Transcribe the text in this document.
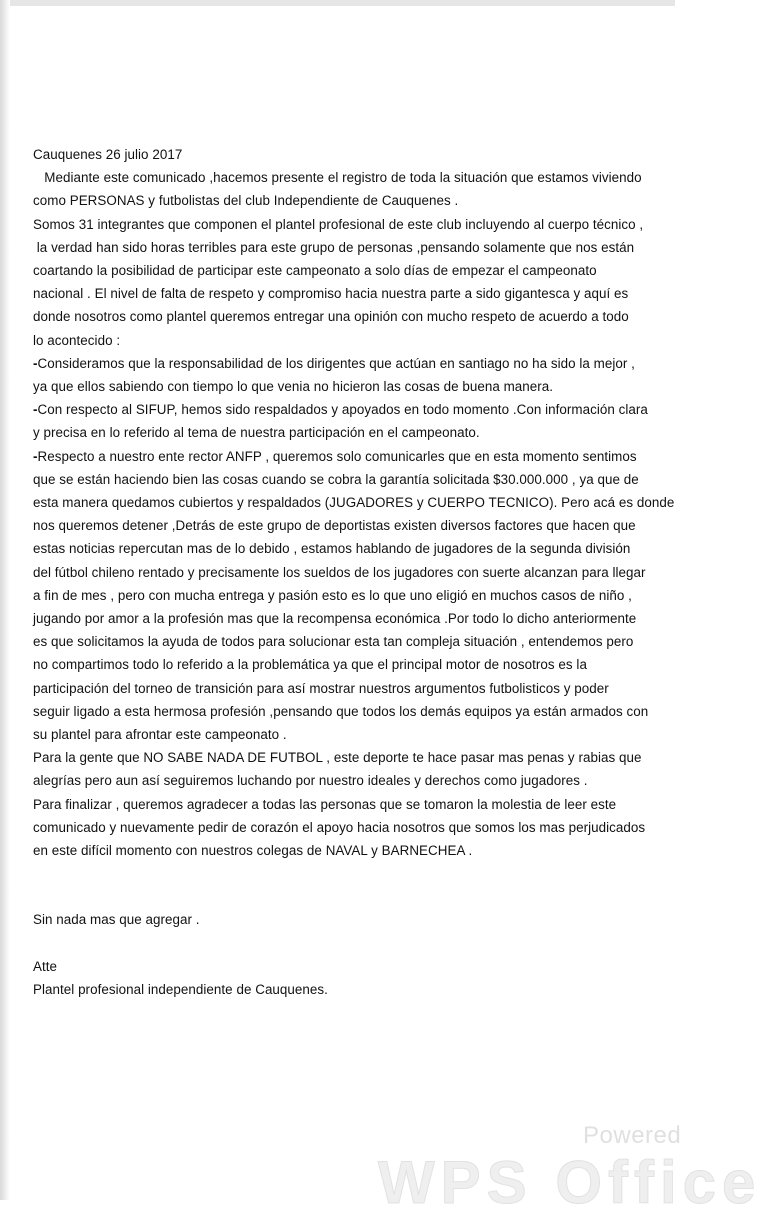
Cauquenes 26 julio 2017
Mediante este comunicado ,hacemos presente el registro de toda la situación que estamos viviendo
como PERSONAS y futbolistas del club Independiente de Cauquenes .
Somos 31 integrantes que componen el plantel profesional de este club incluyendo al cuerpo técnico ,
la verdad han sido horas terribles para este grupo de personas ,pensando solamente que nos están
coartando la posibilidad de participar este campeonato a solo días de empezar el campeonato
nacional . El nivel de falta de respeto y compromiso hacia nuestra parte a sido gigantesca y aquí es
donde nosotros como plantel queremos entregar una opinión con mucho respeto de acuerdo a todo
lo acontecido :
-Consideramos que la responsabilidad de los dirigentes que actúan en santiago no ha sido la mejor ,
ya que ellos sabiendo con tiempo lo que venia no hicieron las cosas de buena manera.
-Con respecto al SIFUP, hemos sido respaldados y apoyados en todo momento .Con información clara
y precisa en lo referido al tema de nuestra participación en el campeonato.
-Respecto a nuestro ente rector ANFP , queremos solo comunicarles que en esta momento sentimos
que se están haciendo bien las cosas cuando se cobra la garantía solicitada $30.000.000 , ya que de
esta manera quedamos cubiertos y respaldados (JUGADORES y CUERPO TECNICO). Pero acá es donde
nos queremos detener ,Detrás de este grupo de deportistas existen diversos factores que hacen que
estas noticias repercutan mas de lo debido , estamos hablando de jugadores de la segunda división
del fútbol chileno rentado y precisamente los sueldos de los jugadores con suerte alcanzan para llegar
a fin de mes , pero con mucha entrega y pasión esto es lo que uno eligió en muchos casos de niño ,
jugando por amor a la profesión mas que la recompensa económica .Por todo lo dicho anteriormente
es que solicitamos la ayuda de todos para solucionar esta tan compleja situación , entendemos pero
no compartimos todo lo referido a la problemática ya que el principal motor de nosotros es la
participación del torneo de transición para así mostrar nuestros argumentos futbolisticos y poder
seguir ligado a esta hermosa profesión ,pensando que todos los demás equipos ya están armados con
su plantel para afrontar este campeonato .
Para la gente que NO SABE NADA DE FUTBOL , este deporte te hace pasar mas penas y rabias que
alegrías pero aun así seguiremos luchando por nuestro ideales y derechos como jugadores .
Para finalizar , queremos agradecer a todas las personas que se tomaron la molestia de leer este
comunicado y nuevamente pedir de corazón el apoyo hacia nosotros que somos los mas perjudicados
en este difícil momento con nuestros colegas de NAVAL y BARNECHEA .
Sin nada mas que agregar .
Atte
Plantel profesional independiente de Cauquenes.
Powered
WPS Office
